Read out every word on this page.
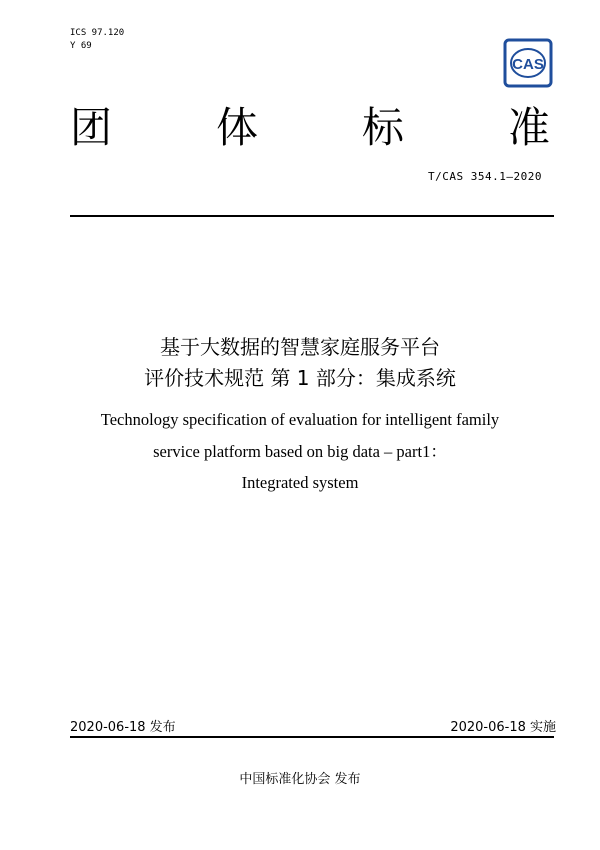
ICS 97.120
Y 69
CAS
团 体 标 准
T/CAS 354.1—2020
基于大数据的智慧家庭服务平台
评价技术规范 第 1 部分：集成系统
Technology specification of evaluation for intelligent family
service platform based on big data – part1：
Integrated system
2020-06-18 发布	2020-06-18 实施
中国标准化协会 发布
